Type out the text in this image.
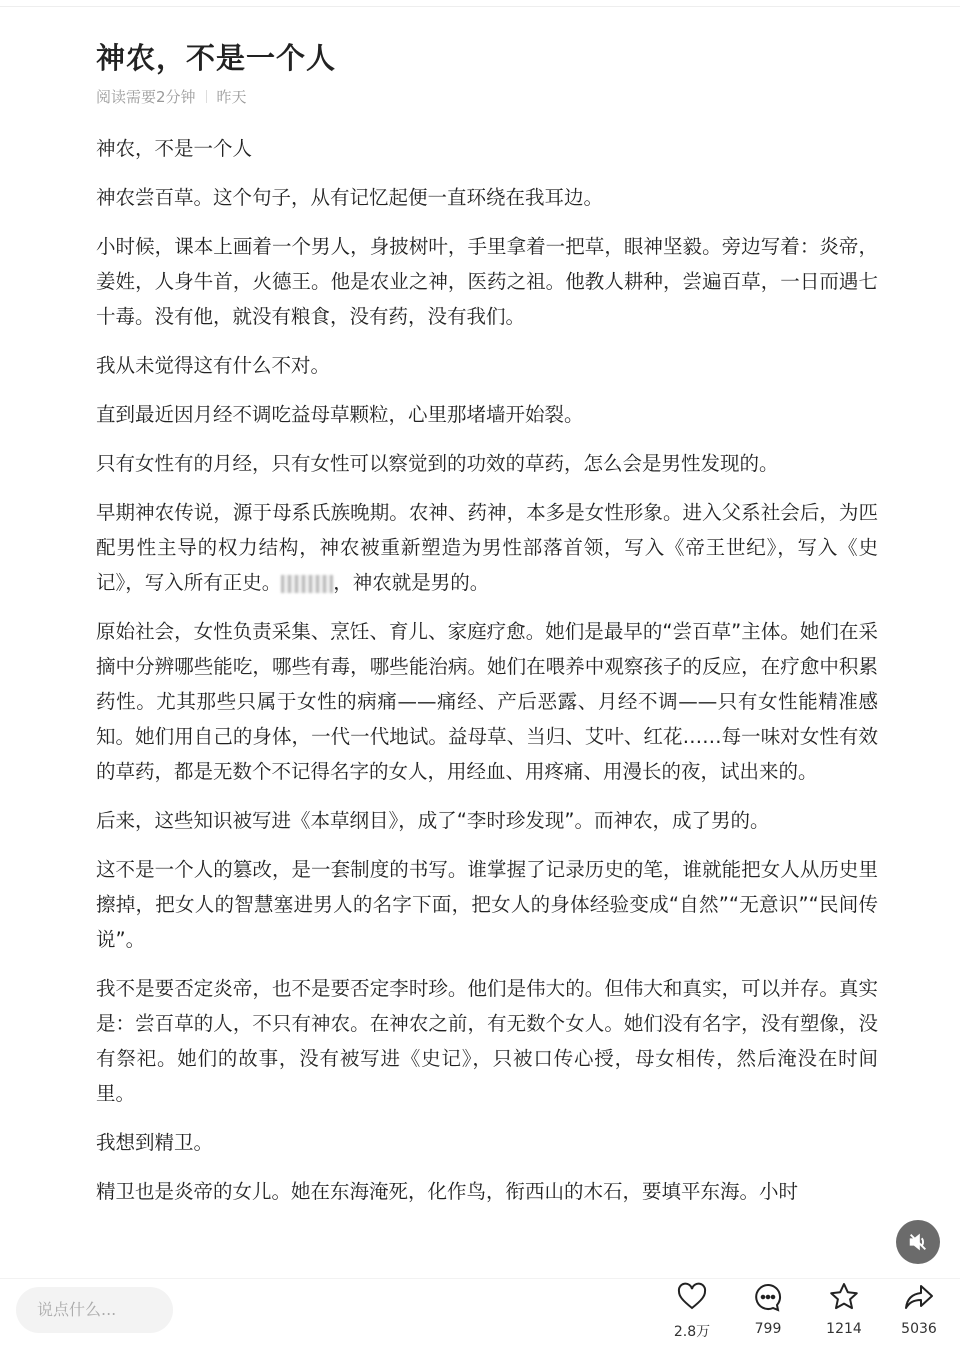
神农，不是一个人
阅读需要2分钟 昨天

神农，不是一个人

神农尝百草。这个句子，从有记忆起便一直环绕在我耳边。

小时候，课本上画着一个男人，身披树叶，手里拿着一把草，眼神坚毅。旁边写着：炎帝，姜姓，人身牛首，火德王。他是农业之神，医药之祖。他教人耕种，尝遍百草，一日而遇七十毒。没有他，就没有粮食，没有药，没有我们。

我从未觉得这有什么不对。

直到最近因月经不调吃益母草颗粒，心里那堵墙开始裂。

只有女性有的月经，只有女性可以察觉到的功效的草药，怎么会是男性发现的。

早期神农传说，源于母系氏族晚期。农神、药神，本多是女性形象。进入父系社会后，为匹配男性主导的权力结构，神农被重新塑造为男性部落首领，写入《帝王世纪》，写入《史记》，写入所有正史。	，神农就是男的。

原始社会，女性负责采集、烹饪、育儿、家庭疗愈。她们是最早的“尝百草”主体。她们在采摘中分辨哪些能吃，哪些有毒，哪些能治病。她们在喂养中观察孩子的反应，在疗愈中积累药性。尤其那些只属于女性的病痛——痛经、产后恶露、月经不调——只有女性能精准感知。她们用自己的身体，一代一代地试。益母草、当归、艾叶、红花……每一味对女性有效的草药，都是无数个不记得名字的女人，用经血、用疼痛、用漫长的夜，试出来的。

后来，这些知识被写进《本草纲目》，成了“李时珍发现”。而神农，成了男的。

这不是一个人的篡改，是一套制度的书写。谁掌握了记录历史的笔，谁就能把女人从历史里擦掉，把女人的智慧塞进男人的名字下面，把女人的身体经验变成“自然”“无意识”“民间传说”。

我不是要否定炎帝，也不是要否定李时珍。他们是伟大的。但伟大和真实，可以并存。真实是：尝百草的人，不只有神农。在神农之前，有无数个女人。她们没有名字，没有塑像，没有祭祀。她们的故事，没有被写进《史记》，只被口传心授，母女相传，然后淹没在时间里。

我想到精卫。

精卫也是炎帝的女儿。她在东海淹死，化作鸟，衔西山的木石，要填平东海。小时

说点什么...
2.8万	799	1214	5036
